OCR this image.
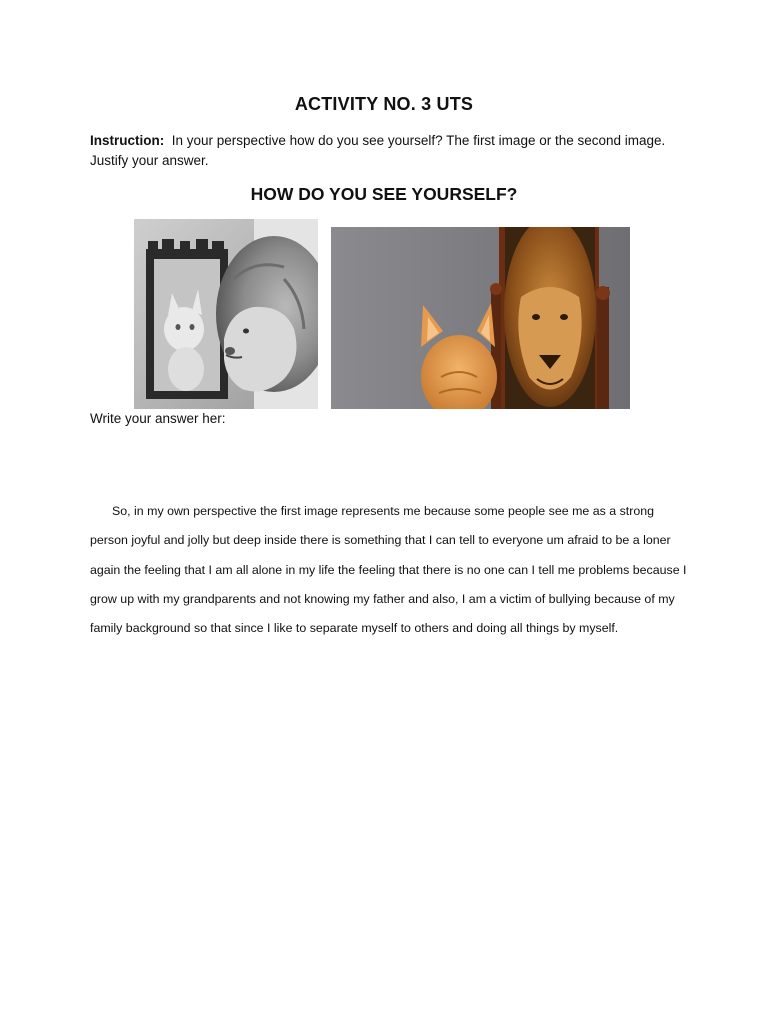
ACTIVITY NO. 3 UTS
Instruction: In your perspective how do you see yourself? The first image or the second image. Justify your answer.
HOW DO YOU SEE YOURSELF?
Write your answer her:

So, in my own perspective the first image represents me because some people see me as a strong person joyful and jolly but deep inside there is something that I can tell to everyone um afraid to be a loner again the feeling that I am all alone in my life the feeling that there is no one can I tell me problems because I grow up with my grandparents and not knowing my father and also, I am a victim of bullying because of my family background so that since I like to separate myself to others and doing all things by myself.
